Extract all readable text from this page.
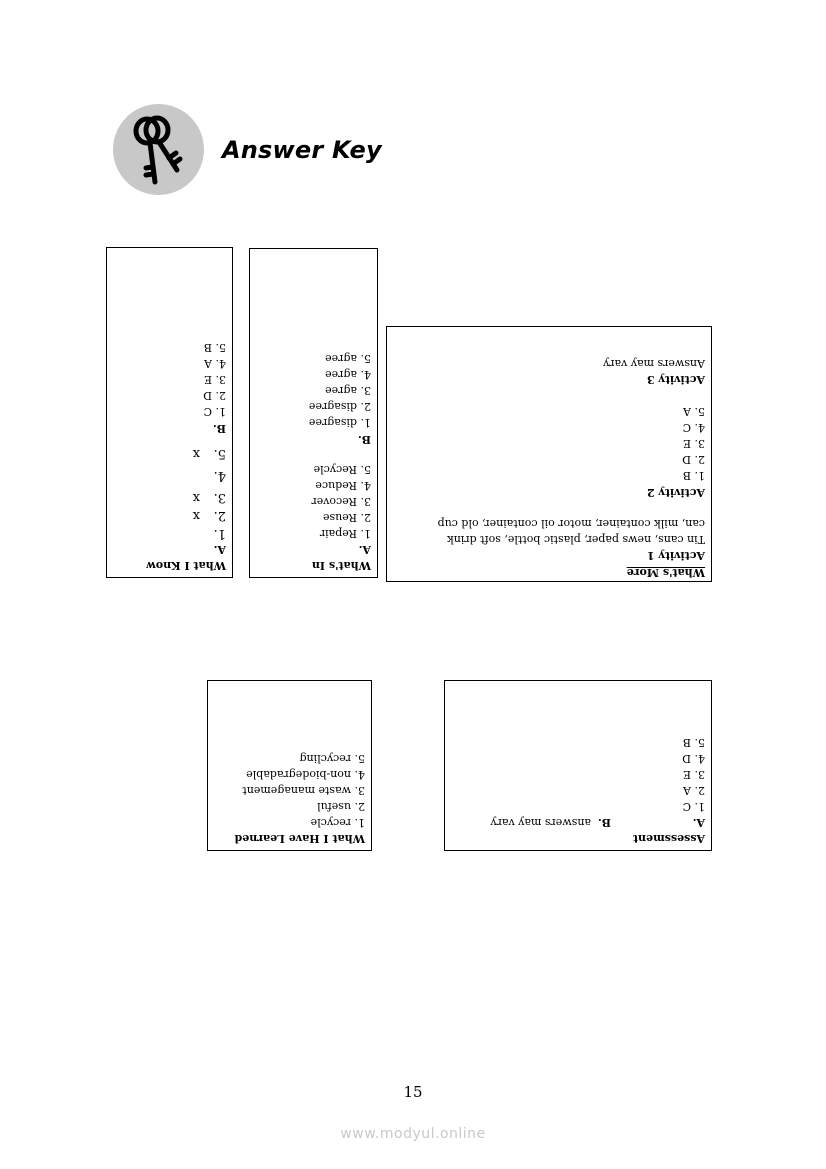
Answer Key
What I Know
A.
1.
2.
x
3.
x
4.
5.
x
B.
1. C
2. D
3. E
4. A
5. B
What's In
A.
1. Repair
2. Reuse
3. Recover
4. Reduce
5. Recycle
B.
1. disagree
2. disagree
3. agree
4. agree
5. agree
What's More
Activity 1
Tin cans, news paper, plastic bottle, soft drink
can, milk container, motor oil container, old cup
Activity 2
1. B
2. D
3. E
4. C
5. A
Activity 3
Answers may vary
Assessment
A.
B.
answers may vary
1. C
2. A
3. E
4. D
5. B
What I Have Learned
1. recycle
2. useful
3. waste management
4. non-biodegradable
5. recycling
15
www.modyul.online
